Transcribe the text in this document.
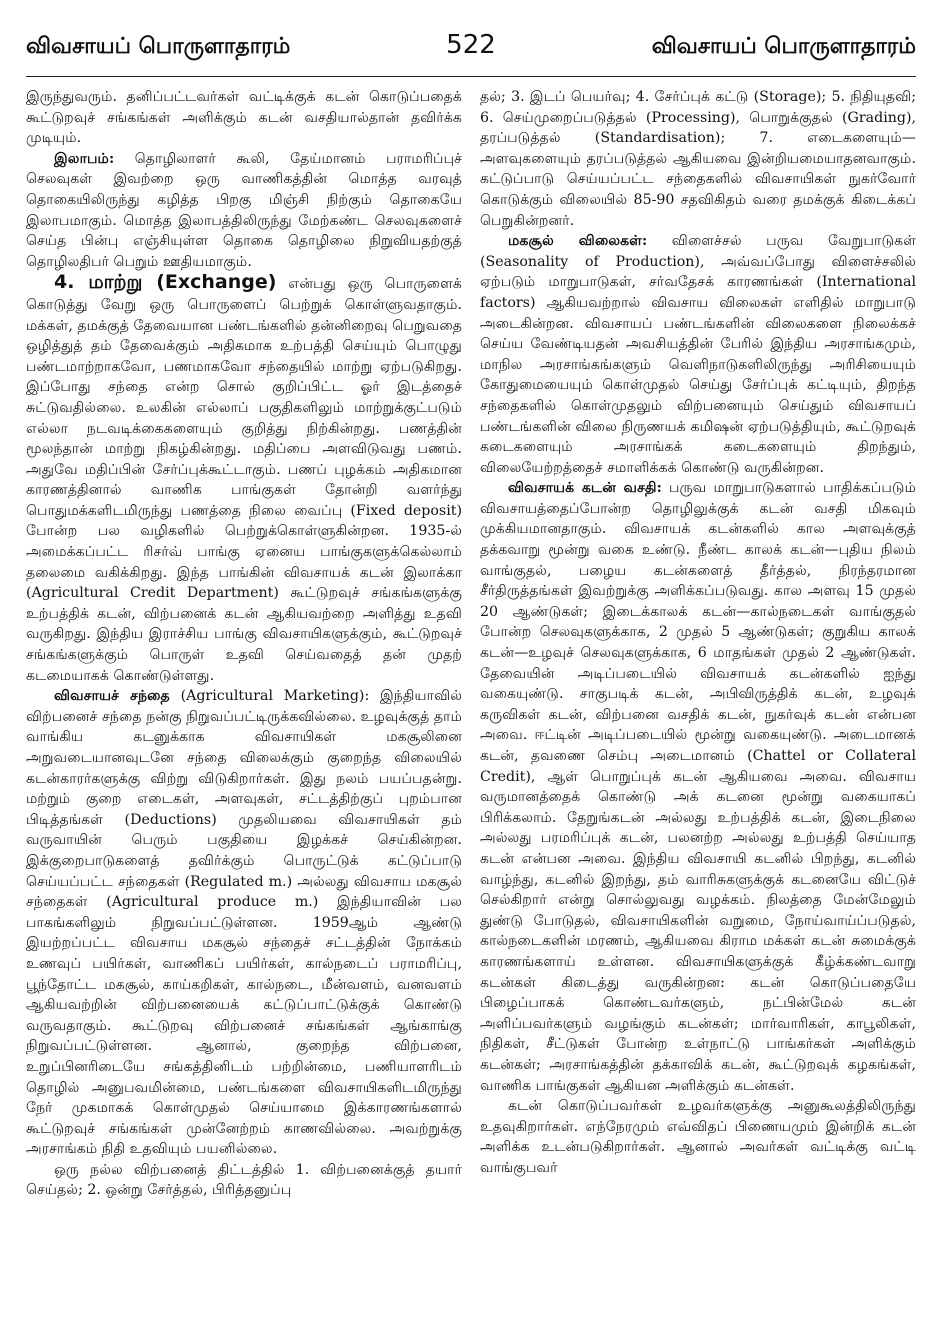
விவசாயப் பொருளாதாரம்	522	விவசாயப் பொருளாதாரம்

இருந்துவரும். தனிப்பட்டவர்கள் வட்டிக்குக் கடன் கொடுப்பதைக் கூட்டுறவுச் சங்கங்கள் அளிக்கும் கடன் வசதியால்தான் தவிர்க்க முடியும்.

இலாபம்: தொழிலாளர் கூலி, தேய்மானம் பராமரிப்புச் செலவுகள் இவற்றை ஒரு வாணிகத்தின் மொத்த வரவுத் தொகையிலிருந்து கழித்த பிறகு மிஞ்சி நிற்கும் தொகையே இலாபமாகும். மொத்த இலாபத்திலிருந்து மேற்கண்ட செலவுகளைச் செய்த பின்பு எஞ்சியுள்ள தொகை தொழிலை நிறுவியதற்குத் தொழிலதிபர் பெறும் ஊதியமாகும்.

4. மாற்று (Exchange) என்பது ஒரு பொருளைக் கொடுத்து வேறு ஒரு பொருளைப் பெற்றுக் கொள்ளுவதாகும். மக்கள், தமக்குத் தேவையான பண்டங்களில் தன்னிறைவு பெறுவதை ஒழித்துத் தம் தேவைக்கும் அதிகமாக உற்பத்தி செய்யும் பொழுது பண்டமாற்றாகவோ, பணமாகவோ சந்தையில் மாற்று ஏற்படுகிறது. இப்போது சந்தை என்ற சொல் குறிப்பிட்ட ஓர் இடத்தைச் சுட்டுவதில்லை. உலகின் எல்லாப் பகுதிகளிலும் மாற்றுக்குட்படும் எல்லா நடவடிக்கைகளையும் குறித்து நிற்கின்றது. பணத்தின் மூலந்தான் மாற்று நிகழ்கின்றது. மதிப்பை அளவிடுவது பணம். அதுவே மதிப்பின் சேர்ப்புக்கூட்டாகும். பணப் புழக்கம் அதிகமான காரணத்தினால் வாணிக பாங்குகள் தோன்றி வளர்ந்து பொதுமக்களிடமிருந்து பணத்தை நிலை வைப்பு (Fixed deposit) போன்ற பல வழிகளில் பெற்றுக்கொள்ளுகின்றன. 1935-ல் அமைக்கப்பட்ட ரிசர்வ் பாங்கு ஏனைய பாங்குகளுக்கெல்லாம் தலைமை வகிக்கிறது. இந்த பாங்கின் விவசாயக் கடன் இலாக்கா (Agricultural Credit Department) கூட்டுறவுச் சங்கங்களுக்கு உற்பத்திக் கடன், விற்பனைக் கடன் ஆகியவற்றை அளித்து உதவி வருகிறது. இந்திய இராச்சிய பாங்கு விவசாயிகளுக்கும், கூட்டுறவுச் சங்கங்களுக்கும் பொருள் உதவி செய்வதைத் தன் முதற் கடமையாகக் கொண்டுள்ளது.

விவசாயச் சந்தை (Agricultural Marketing): இந்தியாவில் விற்பனைச் சந்தை நன்கு நிறுவப்பட்டிருக்கவில்லை. உழவுக்குத் தாம் வாங்கிய கடனுக்காக விவசாயிகள் மகசூலினை அறுவடையானவுடனே சந்தை விலைக்கும் குறைந்த விலையில் கடன்காரர்களுக்கு விற்று விடுகிறார்கள். இது நலம் பயப்பதன்று. மற்றும் குறை எடைகள், அளவுகள், சட்டத்திற்குப் புறம்பான பிடித்தங்கள் (Deductions) முதலியவை விவசாயிகள் தம் வருவாயின் பெரும் பகுதியை இழக்கச் செய்கின்றன. இக்குறைபாடுகளைத் தவிர்க்கும் பொருட்டுக் கட்டுப்பாடு செய்யப்பட்ட சந்தைகள் (Regulated m.) அல்லது விவசாய மகசூல் சந்தைகள் (Agricultural produce m.) இந்தியாவின் பல பாகங்களிலும் நிறுவப்பட்டுள்ளன. 1959ஆம் ஆண்டு இயற்றப்பட்ட விவசாய மகசூல் சந்தைச் சட்டத்தின் நோக்கம் உணவுப் பயிர்கள், வாணிகப் பயிர்கள், கால்நடைப் பராமரிப்பு, பூந்தோட்ட மகசூல், காய்கறிகள், கால்நடை, மீன்வளம், வனவளம் ஆகியவற்றின் விற்பனையைக் கட்டுப்பாட்டுக்குக் கொண்டு வருவதாகும். கூட்டுறவு விற்பனைச் சங்கங்கள் ஆங்காங்கு நிறுவப்பட்டுள்ளன. ஆனால், குறைந்த விற்பனை, உறுப்பினரிடையே சங்கத்தினிடம் பற்றின்மை, பணியாளரிடம் தொழில் அனுபவமின்மை, பண்டங்களை விவசாயிகளிடமிருந்து நேர் முகமாகக் கொள்முதல் செய்யாமை இக்காரணங்களால் கூட்டுறவுச் சங்கங்கள் முன்னேற்றம் காணவில்லை. அவற்றுக்கு அரசாங்கம் நிதி உதவியும் பயனில்லை.

ஒரு நல்ல விற்பனைத் திட்டத்தில் 1. விற்பனைக்குத் தயார் செய்தல்; 2. ஒன்று சேர்த்தல், பிரித்தனுப்பு

தல்; 3. இடப் பெயர்வு; 4. சேர்ப்புக் கட்டு (Storage); 5. நிதியுதவி; 6. செய்முறைப்படுத்தல் (Processing), பொறுக்குதல் (Grading), தரப்படுத்தல் (Standardisation); 7. எடைகளையும்—அளவுகளையும் தரப்படுத்தல் ஆகியவை இன்றியமையாதனவாகும். கட்டுப்பாடு செய்யப்பட்ட சந்தைகளில் விவசாயிகள் நுகர்வோர் கொடுக்கும் விலையில் 85-90 சதவிகிதம் வரை தமக்குக் கிடைக்கப் பெறுகின்றனர்.

மகசூல் விலைகள்: விளைச்சல் பருவ வேறுபாடுகள் (Seasonality of Production), அவ்வப்போது விளைச்சலில் ஏற்படும் மாறுபாடுகள், சர்வதேசக் காரணங்கள் (International factors) ஆகியவற்றால் விவசாய விலைகள் எளிதில் மாறுபாடு அடைகின்றன. விவசாயப் பண்டங்களின் விலைகளை நிலைக்கச் செய்ய வேண்டியதன் அவசியத்தின் பேரில் இந்திய அரசாங்கமும், மாநில அரசாங்கங்களும் வெளிநாடுகளிலிருந்து அரிசியையும் கோதுமையையும் கொள்முதல் செய்து சேர்ப்புக் கட்டியும், திறந்த சந்தைகளில் கொள்முதலும் விற்பனையும் செய்தும் விவசாயப் பண்டங்களின் விலை நிருணயக் கமிஷன் ஏற்படுத்தியும், கூட்டுறவுக் கடைகளையும் அரசாங்கக் கடைகளையும் திறந்தும், விலையேற்றத்தைச் சமாளிக்கக் கொண்டு வருகின்றன.

விவசாயக் கடன் வசதி: பருவ மாறுபாடுகளால் பாதிக்கப்படும் விவசாயத்தைப்போன்ற தொழிலுக்குக் கடன் வசதி மிகவும் முக்கியமானதாகும். விவசாயக் கடன்களில் கால அளவுக்குத் தக்கவாறு மூன்று வகை உண்டு. நீண்ட காலக் கடன்—புதிய நிலம் வாங்குதல், பழைய கடன்களைத் தீர்த்தல், நிரந்தரமான சீர்திருத்தங்கள் இவற்றுக்கு அளிக்கப்படுவது. கால அளவு 15 முதல் 20 ஆண்டுகள்; இடைக்காலக் கடன்—கால்நடைகள் வாங்குதல் போன்ற செலவுகளுக்காக, 2 முதல் 5 ஆண்டுகள்; குறுகிய காலக் கடன்—உழவுச் செலவுகளுக்காக, 6 மாதங்கள் முதல் 2 ஆண்டுகள். தேவையின் அடிப்படையில் விவசாயக் கடன்களில் ஐந்து வகையுண்டு. சாகுபடிக் கடன், அபிவிருத்திக் கடன், உழவுக் கருவிகள் கடன், விற்பனை வசதிக் கடன், நுகர்வுக் கடன் என்பன அவை. ஈட்டின் அடிப்படையில் மூன்று வகையுண்டு. அடைமானக் கடன், தவணை செம்பு அடைமானம் (Chattel or Collateral Credit), ஆள் பொறுப்புக் கடன் ஆகியவை அவை. விவசாய வருமானத்தைக் கொண்டு அக் கடனை மூன்று வகையாகப் பிரிக்கலாம். தேறுங்கடன் அல்லது உற்பத்திக் கடன், இடைநிலை அல்லது பரமரிப்புக் கடன், பலனற்ற அல்லது உற்பத்தி செய்யாத கடன் என்பன அவை. இந்திய விவசாயி கடனில் பிறந்து, கடனில் வாழ்ந்து, கடனில் இறந்து, தம் வாரிசுகளுக்குக் கடனையே விட்டுச் செல்கிறார் என்று சொல்லுவது வழக்கம். நிலத்தை மேன்மேலும் துண்டு போடுதல், விவசாயிகளின் வறுமை, நோய்வாய்ப்படுதல், கால்நடைகளின் மரணம், ஆகியவை கிராம மக்கள் கடன் சுமைக்குக் காரணங்களாய் உள்ளன. விவசாயிகளுக்குக் கீழ்க்கண்டவாறு கடன்கள் கிடைத்து வருகின்றன: கடன் கொடுப்பதையே பிழைப்பாகக் கொண்டவர்களும், நட்பின்மேல் கடன் அளிப்பவர்களும் வழங்கும் கடன்கள்; மார்வாரிகள், காபூலிகள், நிதிகள், சீட்டுகள் போன்ற உள்நாட்டு பாங்கர்கள் அளிக்கும் கடன்கள்; அரசாங்கத்தின் தக்காவிக் கடன், கூட்டுறவுக் கழகங்கள், வாணிக பாங்குகள் ஆகியன அளிக்கும் கடன்கள்.

கடன் கொடுப்பவர்கள் உழவர்களுக்கு அனுகூலத்திலிருந்து உதவுகிறார்கள். எந்நேரமும் எவ்விதப் பிணையமும் இன்றிக் கடன் அளிக்க உடன்படுகிறார்கள். ஆனால் அவர்கள் வட்டிக்கு வட்டி வாங்குபவர்
